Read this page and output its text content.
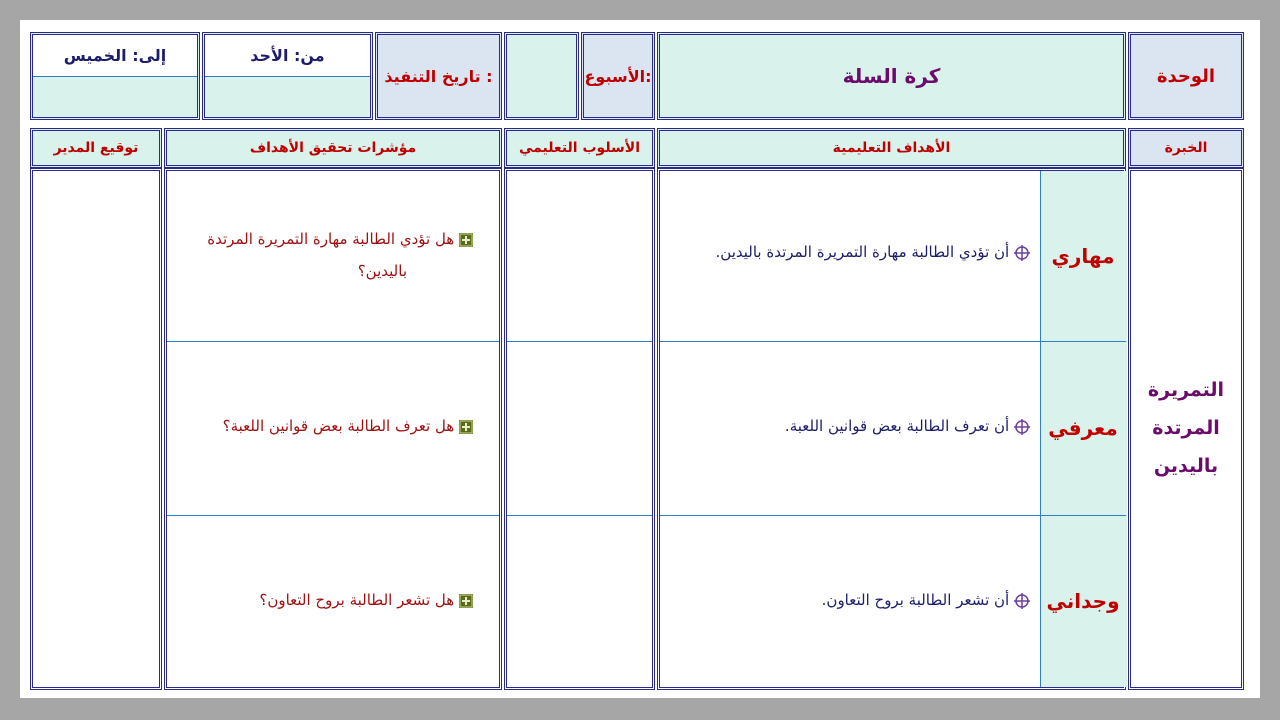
الوحدة
كرة السلة
الأسبوع:
تاريخ التنفيذ :
من: الأحد
إلى: الخميس
الخبرة
الأهداف التعليمية
الأسلوب التعليمي
مؤشرات تحقيق الأهداف
توقيع المدير
التمريرة
المرتدة
باليدين
مهاري
أن تؤدي الطالبة مهارة التمريرة المرتدة باليدين.
معرفي
أن تعرف الطالبة بعض قوانين اللعبة.
وجداني
أن تشعر الطالبة بروح التعاون.
هل تؤدي الطالبة مهارة التمريرة المرتدة
باليدين؟
هل تعرف الطالبة بعض قوانين اللعبة؟
هل تشعر الطالبة بروح التعاون؟
